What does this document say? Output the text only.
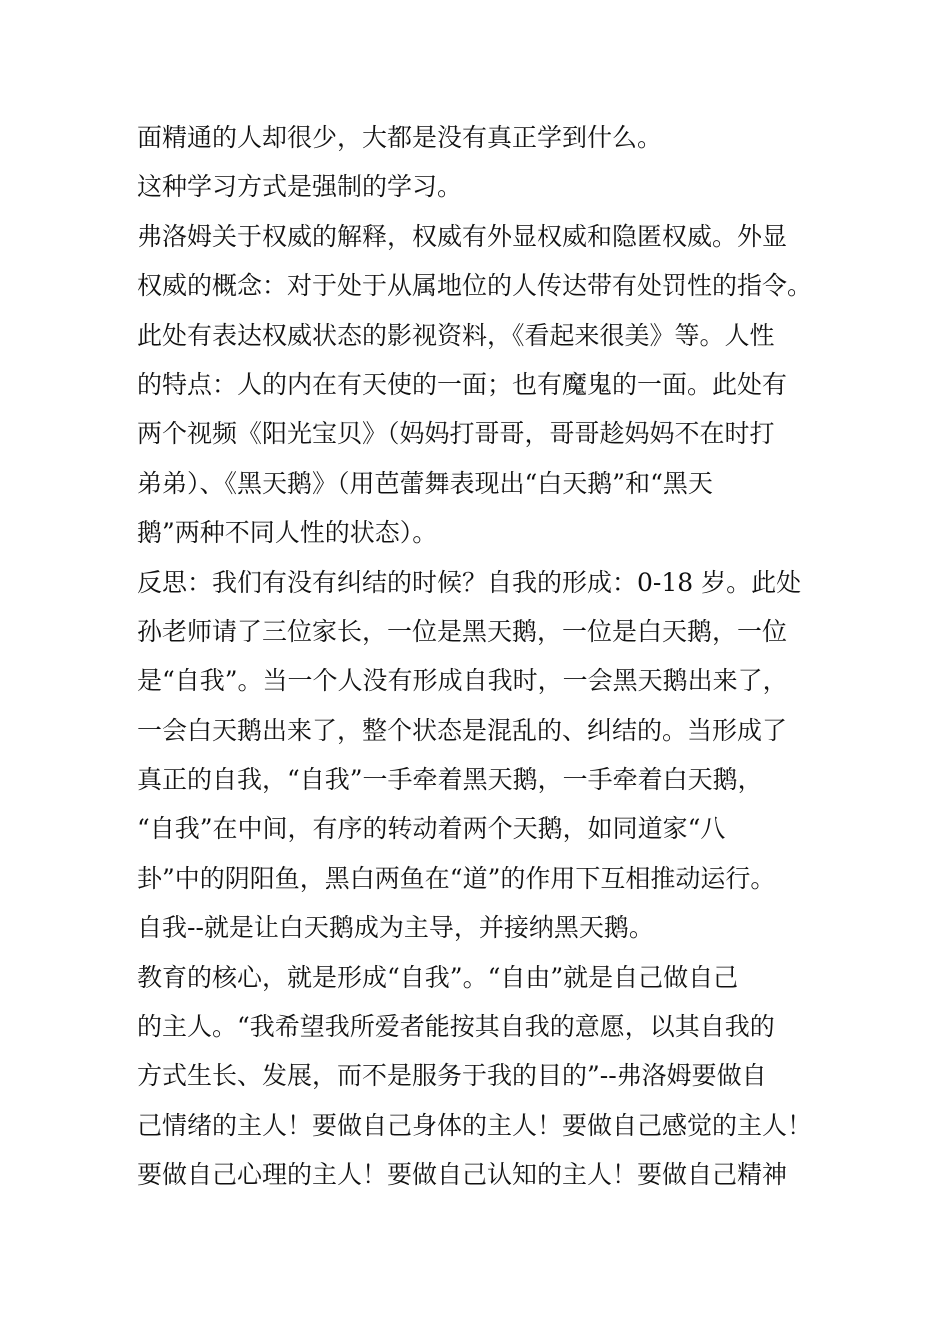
面精通的人却很少，大都是没有真正学到什么。
这种学习方式是强制的学习。
弗洛姆关于权威的解释，权威有外显权威和隐匿权威。外显
权威的概念：对于处于从属地位的人传达带有处罚性的指令。
此处有表达权威状态的影视资料，《看起来很美》等。人性
的特点：人的内在有天使的一面；也有魔鬼的一面。此处有
两个视频《阳光宝贝》（妈妈打哥哥，哥哥趁妈妈不在时打
弟弟）、《黑天鹅》（用芭蕾舞表现出“白天鹅”和“黑天
鹅”两种不同人性的状态）。
反思：我们有没有纠结的时候？自我的形成：0-18 岁。此处
孙老师请了三位家长，一位是黑天鹅，一位是白天鹅，一位
是“自我”。当一个人没有形成自我时，一会黑天鹅出来了，
一会白天鹅出来了，整个状态是混乱的、纠结的。当形成了
真正的自我，“自我”一手牵着黑天鹅，一手牵着白天鹅，
“自我”在中间，有序的转动着两个天鹅，如同道家“八
卦”中的阴阳鱼，黑白两鱼在“道”的作用下互相推动运行。
自我--就是让白天鹅成为主导，并接纳黑天鹅。
教育的核心，就是形成“自我”。“自由”就是自己做自己
的主人。“我希望我所爱者能按其自我的意愿，以其自我的
方式生长、发展，而不是服务于我的目的”--弗洛姆要做自
己情绪的主人！要做自己身体的主人！要做自己感觉的主人！
要做自己心理的主人！要做自己认知的主人！要做自己精神
